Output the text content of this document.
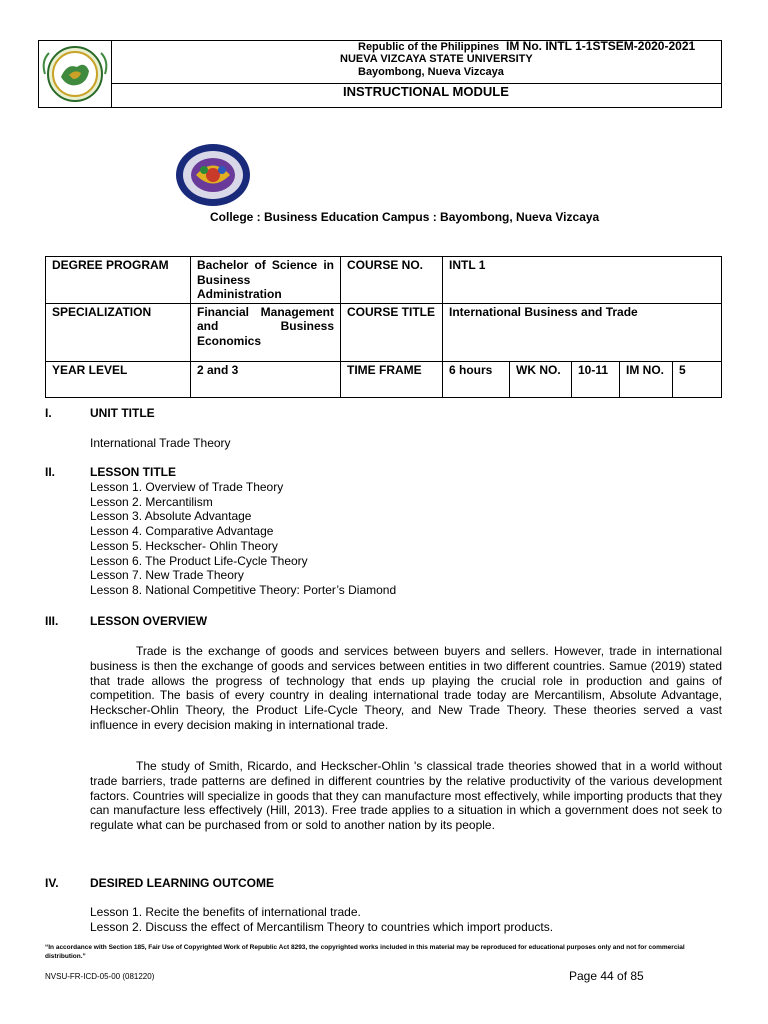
Republic of the Philippines IM No. INTL 1-1STSEM-2020-2021
NUEVA VIZCAYA STATE UNIVERSITY
Bayombong, Nueva Vizcaya
INSTRUCTIONAL MODULE
College : Business Education Campus : Bayombong, Nueva Vizcaya
DEGREE PROGRAM	Bachelor of Science in Business Administration	COURSE NO.	INTL 1				
SPECIALIZATION	Financial Management and Business Economics	COURSE TITLE	International Business and Trade				
YEAR LEVEL	2 and 3	TIME FRAME	6 hours	WK NO.	10-11	IM NO.	5
I.	UNIT TITLE
International Trade Theory
II.	LESSON TITLE
Lesson 1. Overview of Trade Theory
Lesson 2. Mercantilism
Lesson 3. Absolute Advantage
Lesson 4. Comparative Advantage
Lesson 5. Heckscher- Ohlin Theory
Lesson 6. The Product Life-Cycle Theory
Lesson 7. New Trade Theory
Lesson 8. National Competitive Theory: Porter’s Diamond
III.	LESSON OVERVIEW
Trade is the exchange of goods and services between buyers and sellers. However, trade in international business is then the exchange of goods and services between entities in two different countries. Samue (2019) stated that trade allows the progress of technology that ends up playing the crucial role in production and gains of competition. The basis of every country in dealing international trade today are Mercantilism, Absolute Advantage, Heckscher-Ohlin Theory, the Product Life-Cycle Theory, and New Trade Theory. These theories served a vast influence in every decision making in international trade.
The study of Smith, Ricardo, and Heckscher-Ohlin 's classical trade theories showed that in a world without trade barriers, trade patterns are defined in different countries by the relative productivity of the various development factors. Countries will specialize in goods that they can manufacture most effectively, while importing products that they can manufacture less effectively (Hill, 2013). Free trade applies to a situation in which a government does not seek to regulate what can be purchased from or sold to another nation by its people.
IV.	DESIRED LEARNING OUTCOME
Lesson 1. Recite the benefits of international trade.
Lesson 2. Discuss the effect of Mercantilism Theory to countries which import products.
“In accordance with Section 185, Fair Use of Copyrighted Work of Republic Act 8293, the copyrighted works included in this material may be reproduced for educational purposes only and not for commercial distribution.”
NVSU-FR-ICD-05-00 (081220)	Page 44 of 85
